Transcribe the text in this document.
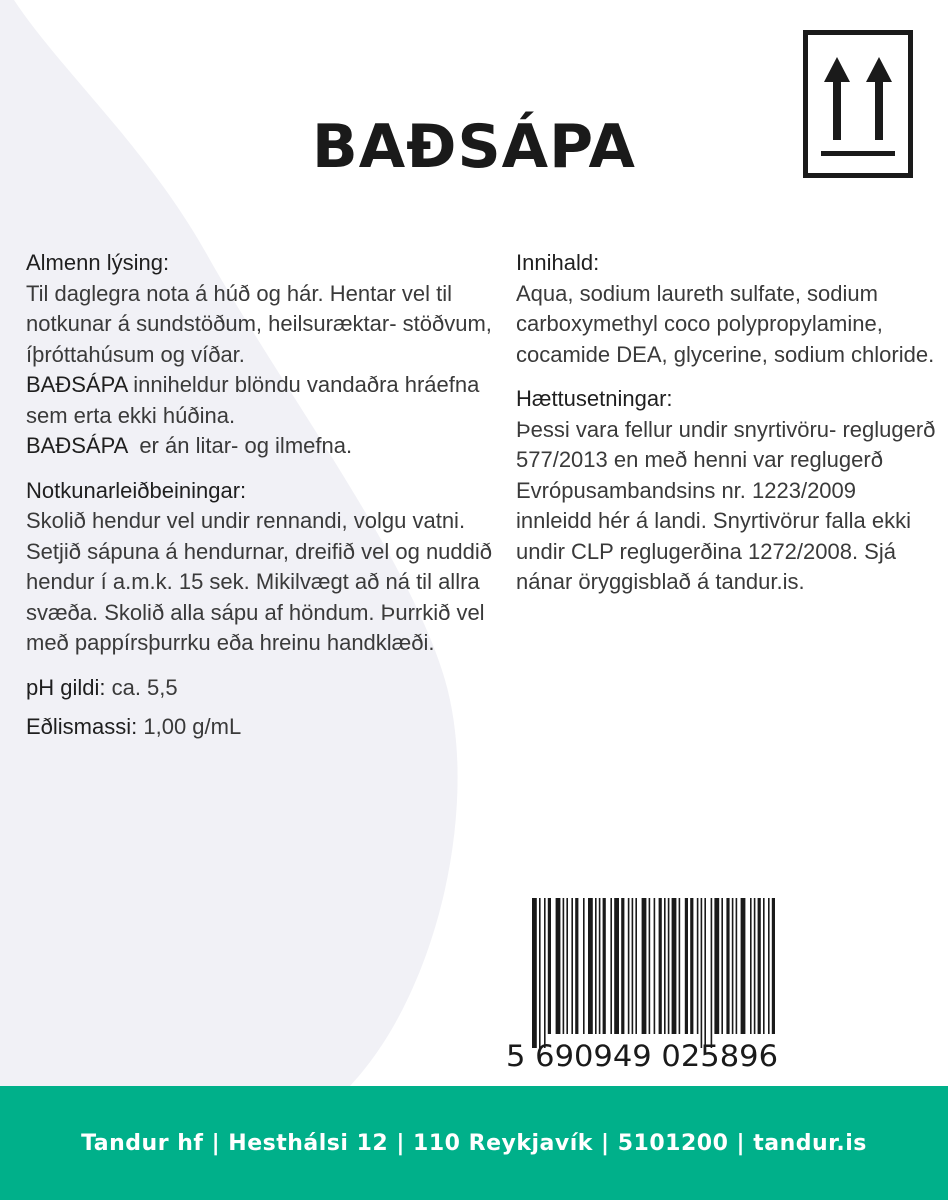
BAÐSÁPA
Almenn lýsing:

Til daglegra nota á húð og hár. Hentar vel til notkunar á sundstöðum, heilsuræktar- stöðvum, íþróttahúsum og víðar.

BAÐSÁPA inniheldur blöndu vandaðra hráefna sem erta ekki húðina.

BAÐSÁPA  er án litar- og ilmefna.

Notkunarleiðbeiningar:

Skolið hendur vel undir rennandi, volgu vatni. Setjið sápuna á hendurnar, dreifið vel og nuddið hendur í a.m.k. 15 sek. Mikilvægt að ná til allra svæða. Skolið alla sápu af höndum. Þurrkið vel með pappírsþurrku eða hreinu handklæði.

pH gildi: ca. 5,5

Eðlismassi: 1,00 g/mL

Innihald:

Aqua, sodium laureth sulfate, sodium carboxymethyl coco polypropylamine, cocamide DEA, glycerine, sodium chloride.

Hættusetningar:

Þessi vara fellur undir snyrtivöru- reglugerð 577/2013 en með henni var reglugerð Evrópusambandsins nr. 1223/2009 innleidd hér á landi. Snyrtivörur falla ekki undir CLP reglugerðina 1272/2008. Sjá nánar öryggisblað á tandur.is.

5 690949 025896
Tandur hf | Hesthálsi 12 | 110 Reykjavík | 5101200 | tandur.is
